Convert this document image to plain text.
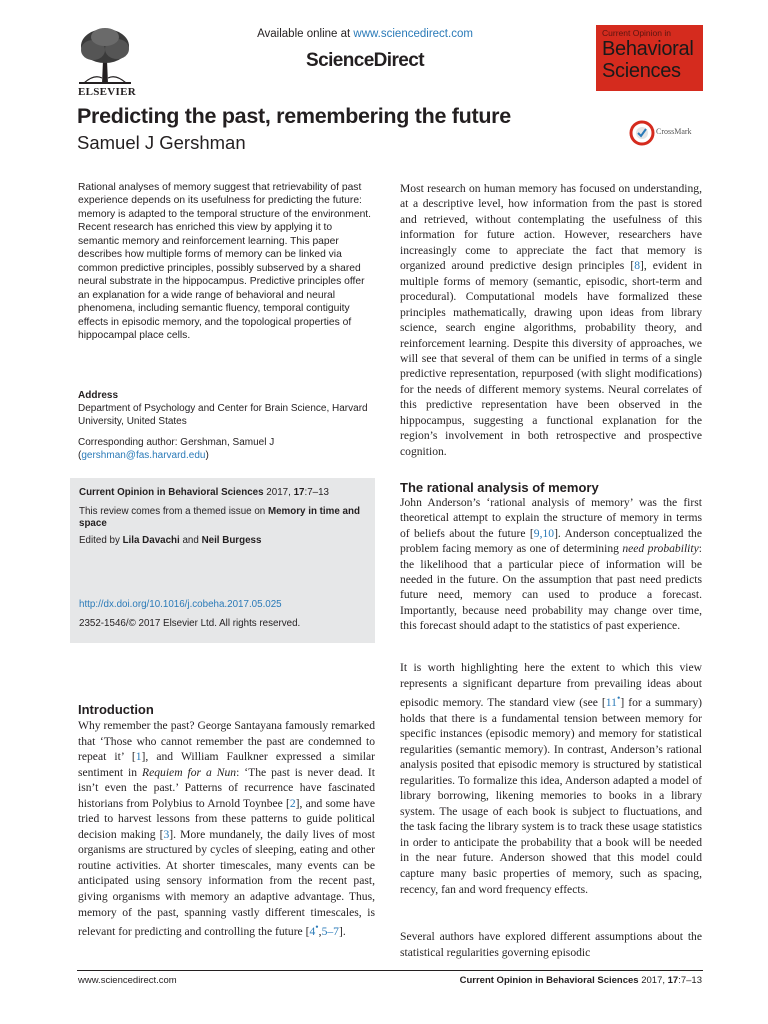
ELSEVIER
Available online at www.sciencedirect.com
ScienceDirect
Current Opinion in
Behavioral
Sciences
Predicting the past, remembering the future
Samuel J Gershman
CrossMark
Rational analyses of memory suggest that retrievability of past experience depends on its usefulness for predicting the future: memory is adapted to the temporal structure of the environment. Recent research has enriched this view by applying it to semantic memory and reinforcement learning. This paper describes how multiple forms of memory can be linked via common predictive principles, possibly subserved by a shared neural substrate in the hippocampus. Predictive principles offer an explanation for a wide range of behavioral and neural phenomena, including semantic fluency, temporal contiguity effects in episodic memory, and the topological properties of hippocampal place cells.
Address
Department of Psychology and Center for Brain Science, Harvard University, United States
Corresponding author: Gershman, Samuel J
(gershman@fas.harvard.edu)
Current Opinion in Behavioral Sciences 2017, 17:7–13
This review comes from a themed issue on Memory in time and space
Edited by Lila Davachi and Neil Burgess
http://dx.doi.org/10.1016/j.cobeha.2017.05.025
2352-1546/© 2017 Elsevier Ltd. All rights reserved.
Introduction
Why remember the past? George Santayana famously remarked that ‘Those who cannot remember the past are condemned to repeat it’ [1], and William Faulkner expressed a similar sentiment in Requiem for a Nun: ‘The past is never dead. It isn’t even the past.’ Patterns of recurrence have fascinated historians from Polybius to Arnold Toynbee [2], and some have tried to harvest lessons from these patterns to guide political decision making [3]. More mundanely, the daily lives of most organisms are structured by cycles of sleeping, eating and other routine activities. At shorter timescales, many events can be anticipated using sensory information from the recent past, giving organisms with memory an adaptive advantage. Thus, memory of the past, spanning vastly different timescales, is relevant for predicting and controlling the future [4•,5–7].
Most research on human memory has focused on understanding, at a descriptive level, how information from the past is stored and retrieved, without contemplating the usefulness of this information for future action. However, researchers have increasingly come to appreciate the fact that memory is organized around predictive design principles [8], evident in multiple forms of memory (semantic, episodic, short-term and procedural). Computational models have formalized these principles mathematically, drawing upon ideas from library science, search engine algorithms, probability theory, and reinforcement learning. Despite this diversity of approaches, we will see that several of them can be unified in terms of a single predictive representation, repurposed (with slight modifications) for the needs of different memory systems. Neural correlates of this predictive representation have been observed in the hippocampus, suggesting a functional explanation for the region’s involvement in both retrospective and prospective cognition.
The rational analysis of memory
John Anderson’s ‘rational analysis of memory’ was the first theoretical attempt to explain the structure of memory in terms of beliefs about the future [9,10]. Anderson conceptualized the problem facing memory as one of determining need probability: the likelihood that a particular piece of information will be needed in the future. On the assumption that past need predicts future need, memory can used to produce a forecast. Importantly, because need probability may change over time, this forecast should adapt to the statistics of past experience.
It is worth highlighting here the extent to which this view represents a significant departure from prevailing ideas about episodic memory. The standard view (see [11•] for a summary) holds that there is a fundamental tension between memory for specific instances (episodic memory) and memory for statistical regularities (semantic memory). In contrast, Anderson’s rational analysis posited that episodic memory is structured by statistical regularities. To formalize this idea, Anderson adapted a model of library borrowing, likening memories to books in a library system. The usage of each book is subject to fluctuations, and the task facing the library system is to track these usage statistics in order to anticipate the probability that a book will be needed in the near future. Anderson showed that this model could capture many basic properties of memory, such as spacing, recency, fan and word frequency effects.
Several authors have explored different assumptions about the statistical regularities governing episodic
www.sciencedirect.com	Current Opinion in Behavioral Sciences 2017, 17:7–13
